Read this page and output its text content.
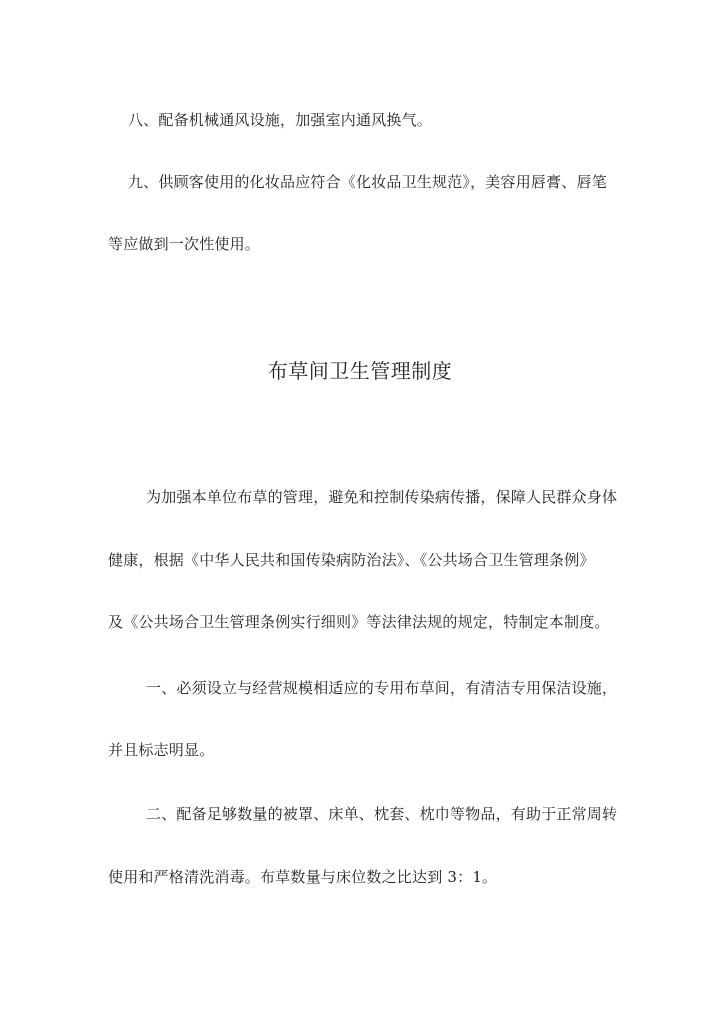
八、配备机械通风设施，加强室内通风换气。
九、供顾客使用的化妆品应符合《化妆品卫生规范》，美容用唇膏、唇笔
等应做到一次性使用。
布草间卫生管理制度
为加强本单位布草的管理，避免和控制传染病传播，保障人民群众身体
健康，根据《中华人民共和国传染病防治法》、《公共场合卫生管理条例》
及《公共场合卫生管理条例实行细则》等法律法规的规定，特制定本制度。
一、必须设立与经营规模相适应的专用布草间，有清洁专用保洁设施，
并且标志明显。
二、配备足够数量的被罩、床单、枕套、枕巾等物品，有助于正常周转
使用和严格清洗消毒。布草数量与床位数之比达到 3：1。
